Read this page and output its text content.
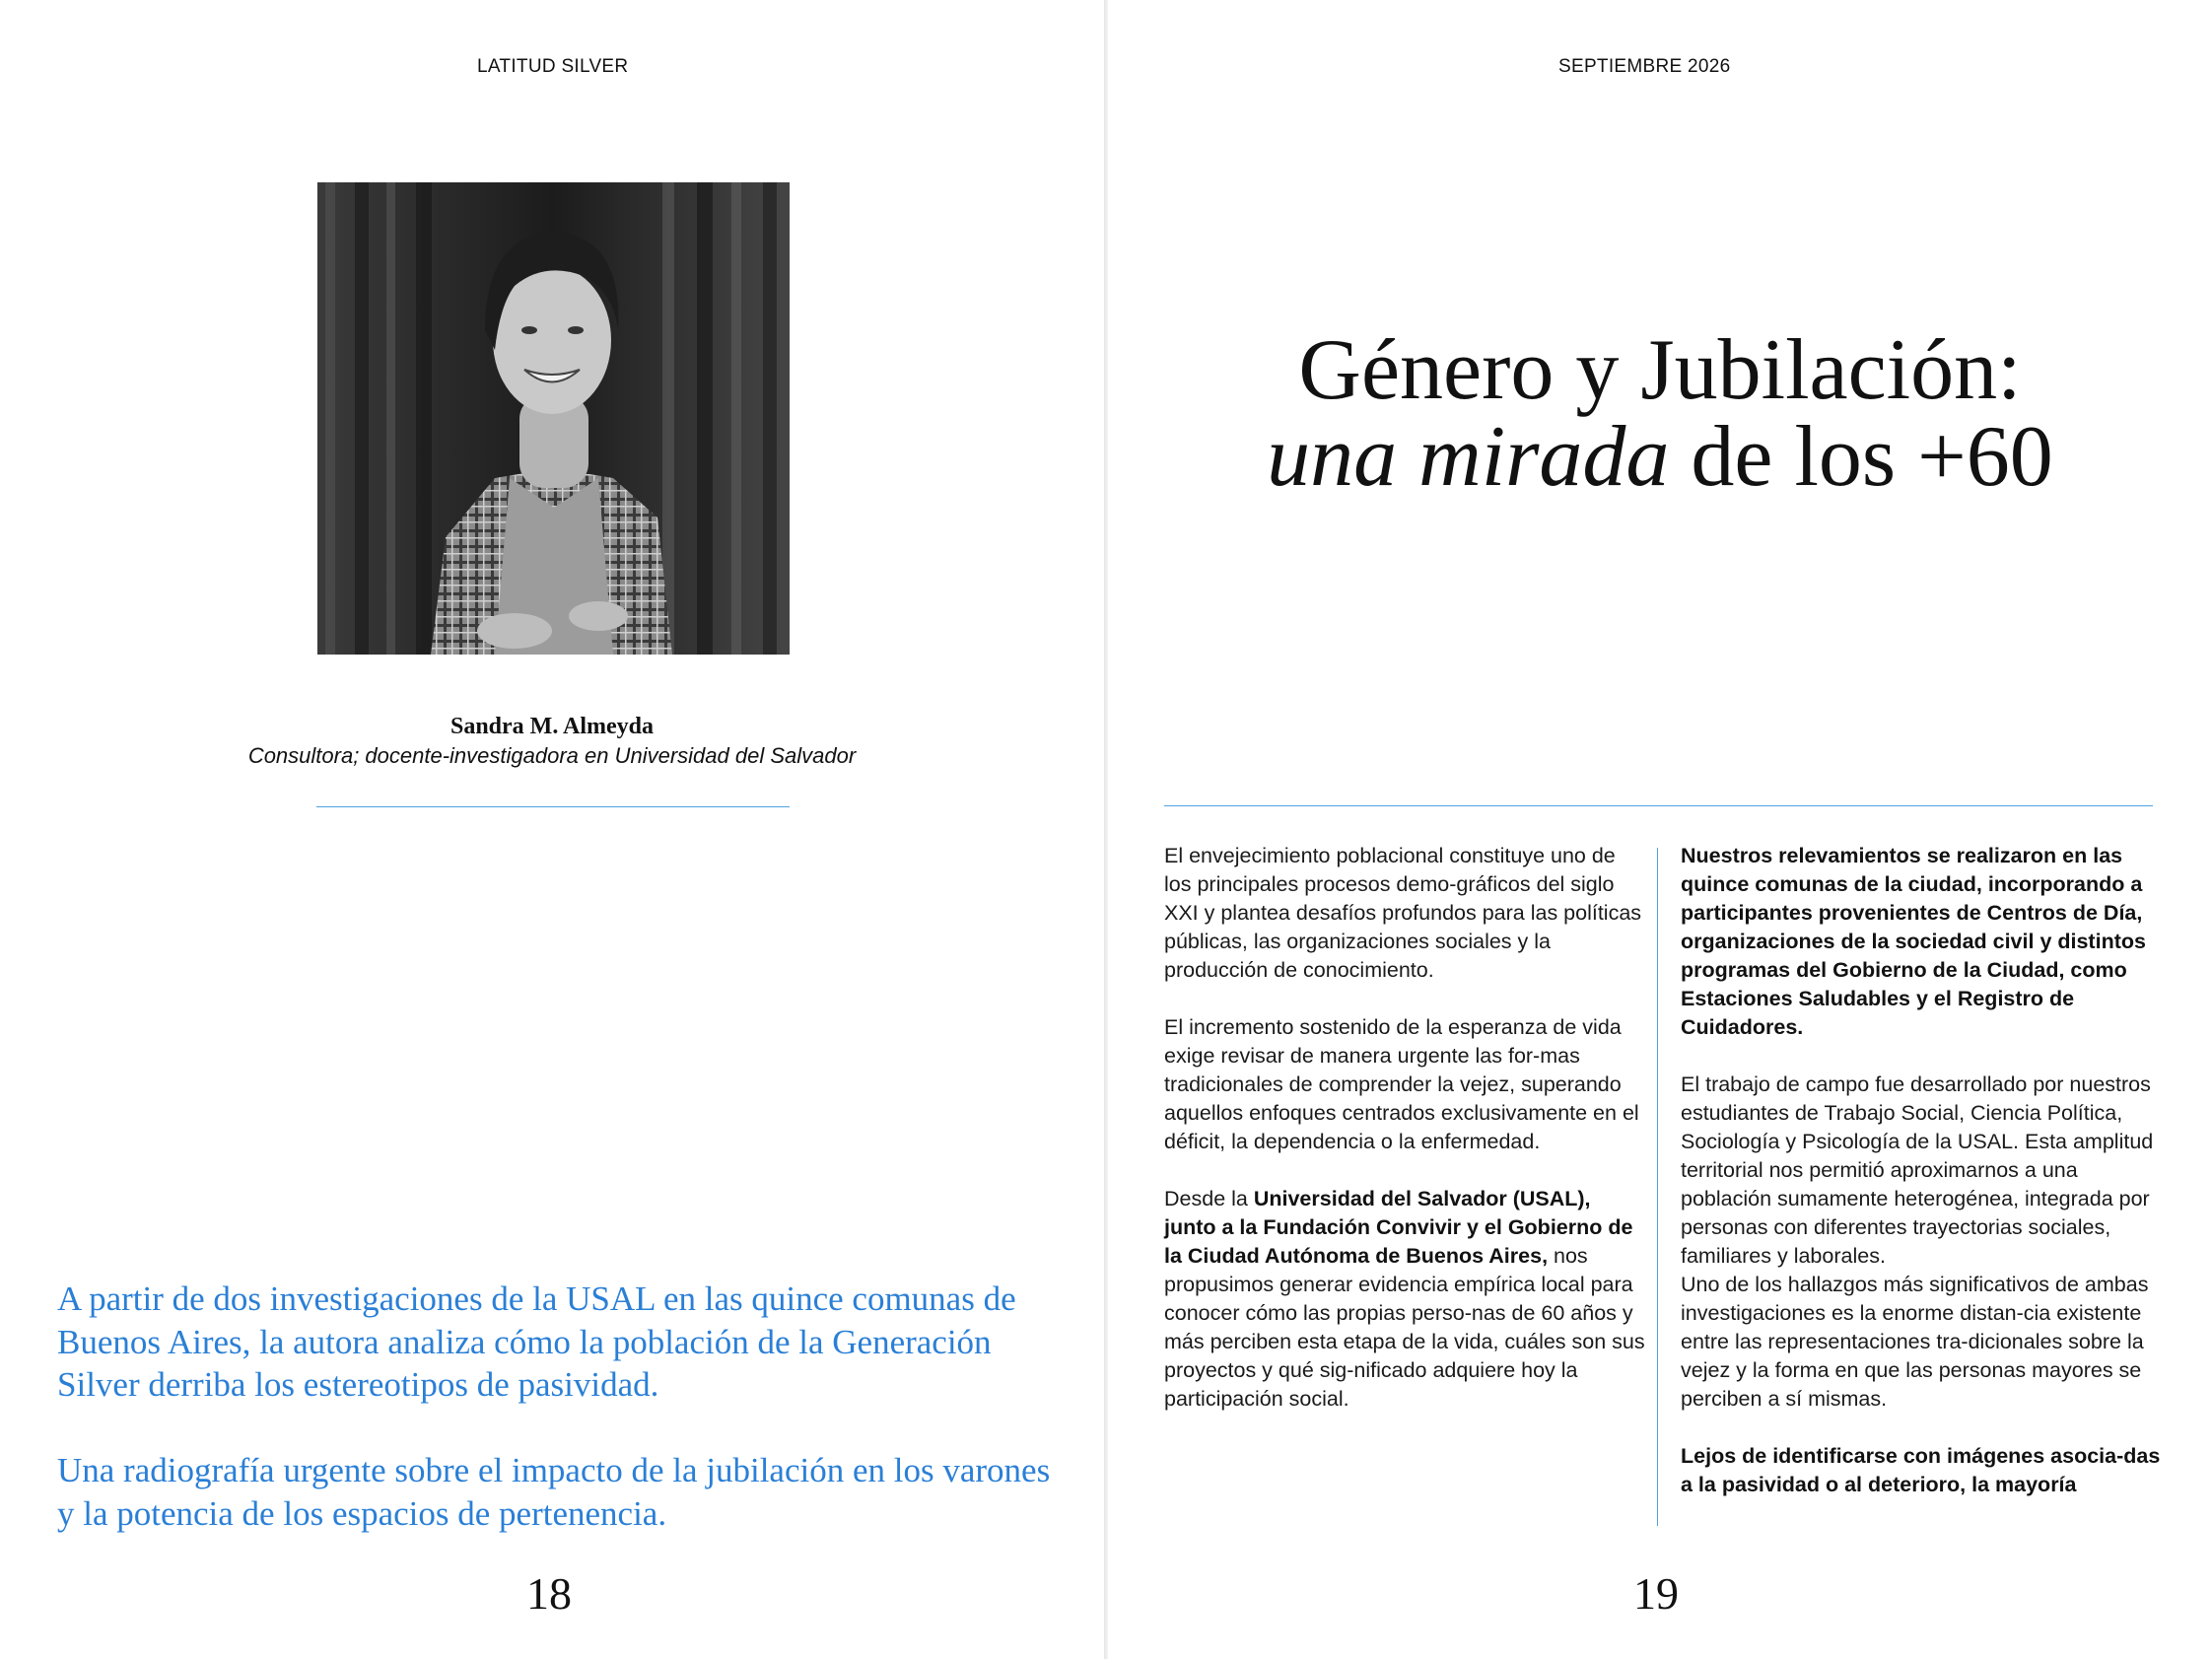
LATITUD SILVER
Sandra M. Almeyda
Consultora; docente-investigadora en Universidad del Salvador

A partir de dos investigaciones de la USAL en las quince comunas de Buenos Aires, la autora analiza cómo la población de la Generación Silver derriba los estereotipos de pasividad.

Una radiografía urgente sobre el impacto de la jubilación en los varones y la potencia de los espacios de pertenencia.

18
SEPTIEMBRE 2026
Género y Jubilación:
una mirada de los +60

El envejecimiento poblacional constituye uno de los principales procesos demo-gráficos del siglo XXI y plantea desafíos profundos para las políticas públicas, las organizaciones sociales y la producción de conocimiento.

El incremento sostenido de la esperanza de vida exige revisar de manera urgente las for-mas tradicionales de comprender la vejez, superando aquellos enfoques centrados exclusivamente en el déficit, la dependencia o la enfermedad.

Desde la Universidad del Salvador (USAL), junto a la Fundación Convivir y el Gobierno de la Ciudad Autónoma de Buenos Aires, nos propusimos generar evidencia empírica local para conocer cómo las propias perso-nas de 60 años y más perciben esta etapa de la vida, cuáles son sus proyectos y qué sig-nificado adquiere hoy la participación social.

Nuestros relevamientos se realizaron en las quince comunas de la ciudad, incorporando a participantes provenientes de Centros de Día, organizaciones de la sociedad civil y distintos programas del Gobierno de la Ciudad, como Estaciones Saludables y el Registro de Cuidadores.

El trabajo de campo fue desarrollado por nuestros estudiantes de Trabajo Social, Ciencia Política, Sociología y Psicología de la USAL. Esta amplitud territorial nos permitió aproximarnos a una población sumamente heterogénea, integrada por personas con diferentes trayectorias sociales, familiares y laborales.

Uno de los hallazgos más significativos de ambas investigaciones es la enorme distan-cia existente entre las representaciones tra-dicionales sobre la vejez y la forma en que las personas mayores se perciben a sí mismas.

Lejos de identificarse con imágenes asocia-das a la pasividad o al deterioro, la mayoría

19
